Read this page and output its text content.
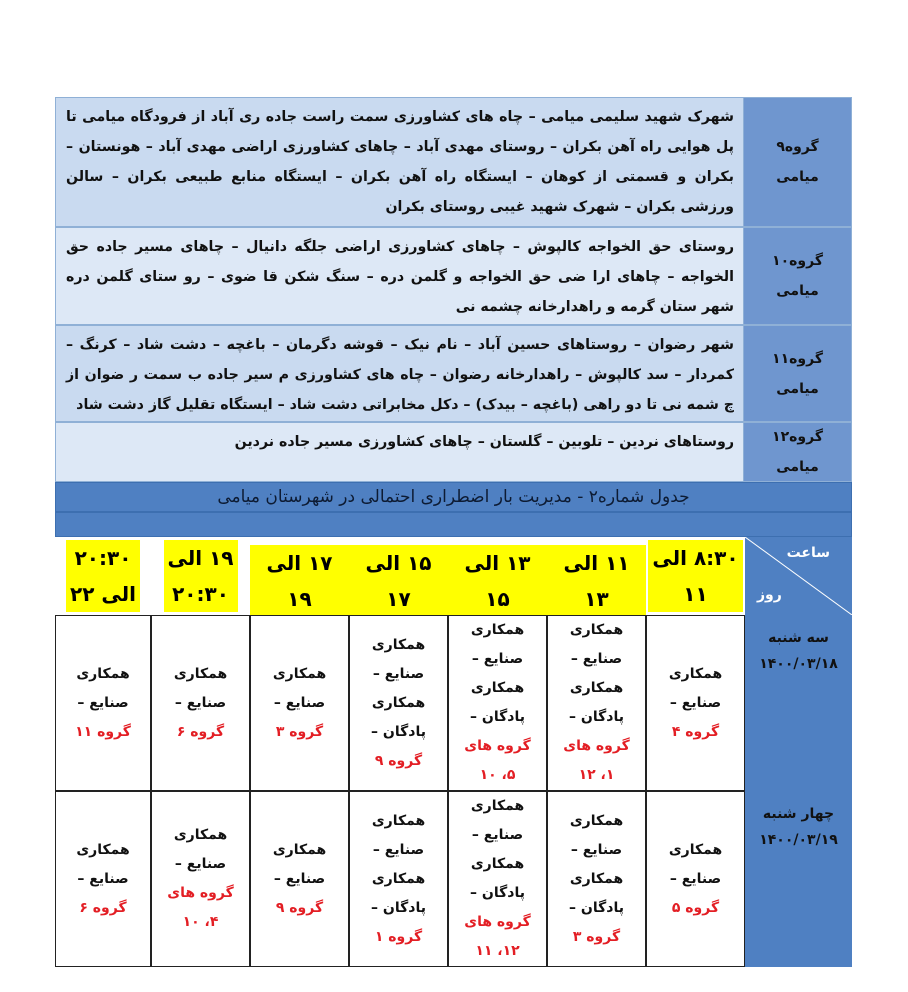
شهرک شهید سلیمی میامی – چاه های کشاورزی سمت راست جاده ری آباد از فرودگاه میامی تا پل هوایی راه آهن بکران – روستای مهدی آباد – چاهای کشاورزی اراضی مهدی آباد – هونستان – بکران و قسمتی از کوهان – ایستگاه راه آهن بکران – ایستگاه منابع طبیعی بکران – سالن ورزشی بکران – شهرک شهید غیبی روستای بکران
گروه۹
میامی
روستای حق الخواجه کالپوش – چاهای کشاورزی اراضی جلگه دانیال – چاهای مسیر جاده حق الخواجه – چاهای ارا ضی حق الخواجه و گلمن دره – سنگ شکن قا ضوی – رو ستای گلمن دره شهر ستان گرمه و راهدارخانه چشمه نی
گروه۱۰
میامی
شهر رضوان – روستاهای حسین آباد – نام نیک – قوشه دگرمان – باغچه – دشت شاد – کرنگ – کمردار – سد کالپوش – راهدارخانه رضوان – چاه های کشاورزی م سیر جاده ب سمت ر ضوان از چ شمه نی تا دو راهی (باغچه – بیدک) – دکل مخابراتی دشت شاد – ایستگاه تقلیل گاز دشت شاد
گروه۱۱
میامی
روستاهای نردین – تلوبین – گلستان – چاهای کشاورزی مسیر جاده نردین	گروه۱۲
میامی
جدول شماره۲ - مدیریت بار اضطراری احتمالی در شهرستان میامی
ساعت
روز
۸:۳۰ الی
۱۱
۱۱ الی ۱۳
۱۳ الی ۱۵
۱۵ الی ۱۷
۱۷ الی ۱۹
۱۹ الی
۲۰:۳۰
۲۰:۳۰
الی ۲۲
سه شنبه
۱۴۰۰/۰۳/۱۸
چهار شنبه
۱۴۰۰/۰۳/۱۹
همکاری
صنایع –
گروه ۴
همکاری
صنایع –
همکاری
پادگان –
گروه های
۱، ۱۲
همکاری
صنایع –
همکاری
پادگان –
گروه های
۵، ۱۰
همکاری
صنایع –
همکاری
پادگان –
گروه ۹
همکاری
صنایع –
گروه ۳
همکاری
صنایع –
گروه ۶
همکاری
صنایع –
گروه ۱۱
همکاری
صنایع –
گروه ۵
همکاری
صنایع –
همکاری
پادگان –
گروه ۳
همکاری
صنایع –
همکاری
پادگان –
گروه های
۱۲، ۱۱
همکاری
صنایع –
همکاری
پادگان –
گروه ۱
همکاری
صنایع –
گروه ۹
همکاری
صنایع –
گروه های
۴، ۱۰
همکاری
صنایع –
گروه ۶
